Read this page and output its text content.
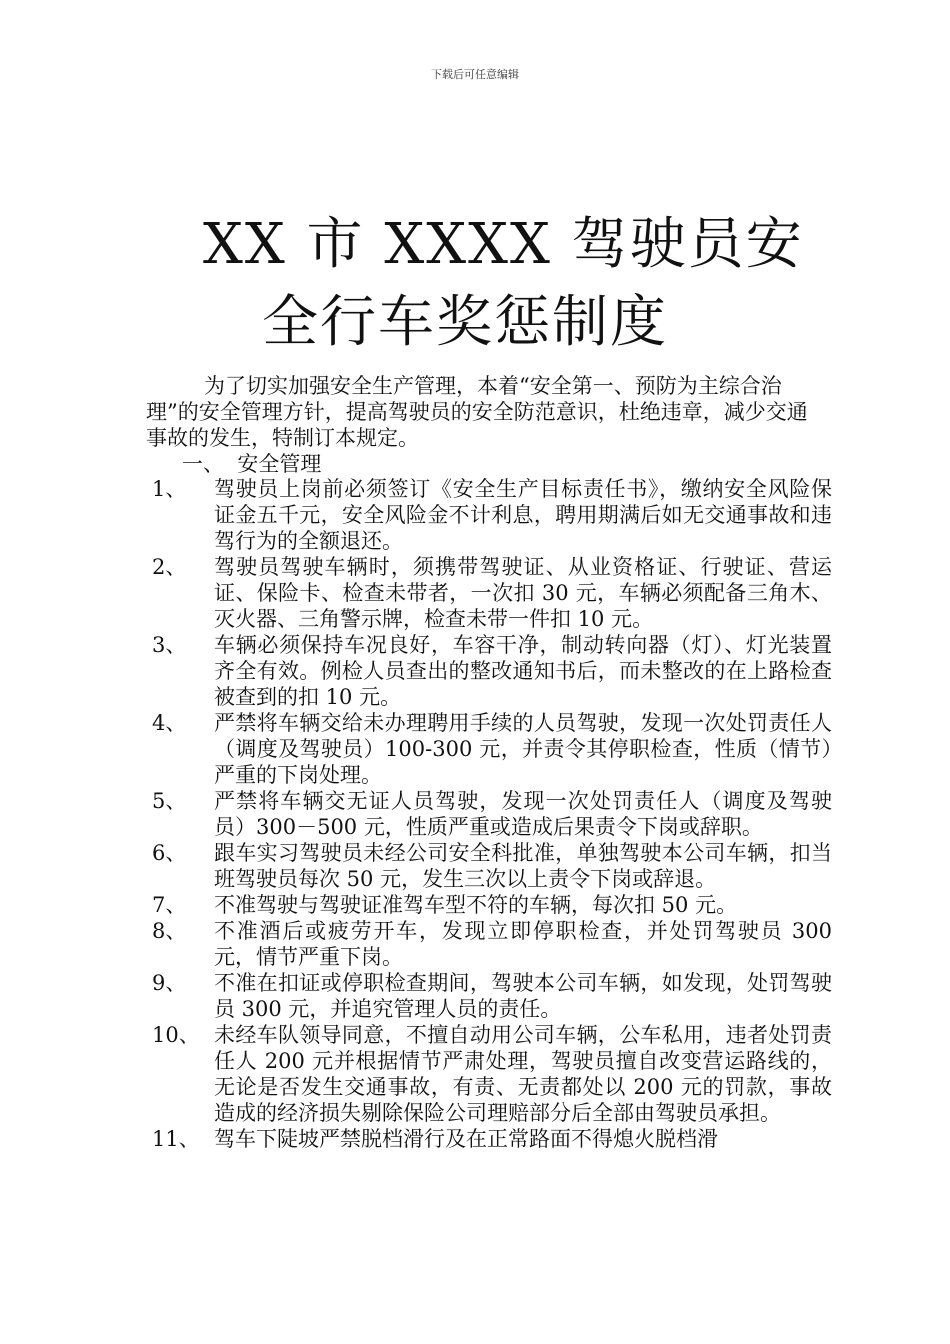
下载后可任意编辑
XX 市 XXXX 驾驶员安
全行车奖惩制度

为了切实加强安全生产管理，本着“安全第一、预防为主综合治理”的安全管理方针，提高驾驶员的安全防范意识，杜绝违章，减少交通事故的发生，特制订本规定。

一、  安全管理
1、	驾驶员上岗前必须签订《安全生产目标责任书》，缴纳安全风险保证金五千元，安全风险金不计利息，聘用期满后如无交通事故和违驾行为的全额退还。
2、	驾驶员驾驶车辆时，须携带驾驶证、从业资格证、行驶证、营运证、保险卡、检查未带者，一次扣 30 元，车辆必须配备三角木、灭火器、三角警示牌，检查未带一件扣 10 元。
3、	车辆必须保持车况良好，车容干净，制动转向器（灯）、灯光装置齐全有效。例检人员查出的整改通知书后，而未整改的在上路检查被查到的扣 10 元。
4、	严禁将车辆交给未办理聘用手续的人员驾驶，发现一次处罚责任人（调度及驾驶员）100-300 元，并责令其停职检查，性质（情节）严重的下岗处理。
5、	严禁将车辆交无证人员驾驶，发现一次处罚责任人（调度及驾驶员）300－500 元，性质严重或造成后果责令下岗或辞职。
6、	跟车实习驾驶员未经公司安全科批准，单独驾驶本公司车辆，扣当班驾驶员每次 50 元，发生三次以上责令下岗或辞退。
7、	不准驾驶与驾驶证准驾车型不符的车辆，每次扣 50 元。
8、	不准酒后或疲劳开车，发现立即停职检查，并处罚驾驶员 300 元，情节严重下岗。
9、	不准在扣证或停职检查期间，驾驶本公司车辆，如发现，处罚驾驶员 300 元，并追究管理人员的责任。
10、 未经车队领导同意，不擅自动用公司车辆，公车私用，违者处罚责任人 200 元并根据情节严肃处理，驾驶员擅自改变营运路线的，无论是否发生交通事故，有责、无责都处以 200 元的罚款，事故造成的经济损失剔除保险公司理赔部分后全部由驾驶员承担。
11、 驾车下陡坡严禁脱档滑行及在正常路面不得熄火脱档滑
